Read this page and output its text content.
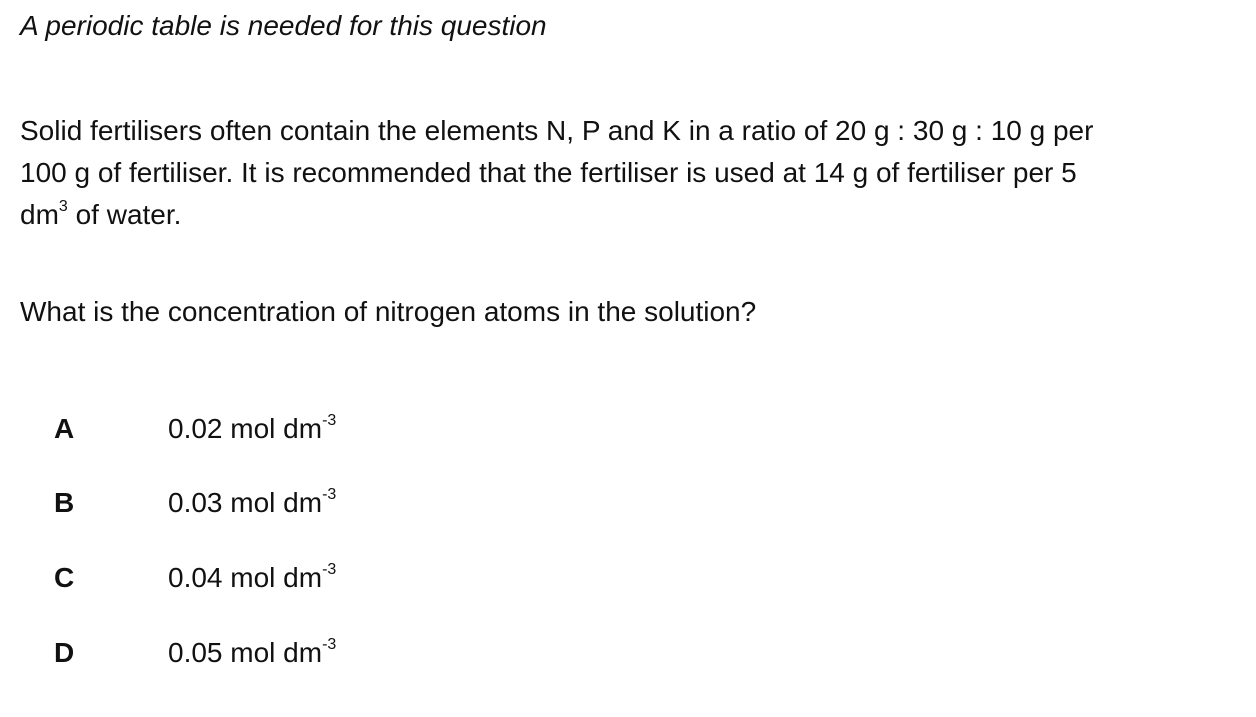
A periodic table is needed for this question
Solid fertilisers often contain the elements N, P and K in a ratio of 20 g : 30 g : 10 g per
100 g of fertiliser. It is recommended that the fertiliser is used at 14 g of fertiliser per 5
$dm^3$ of water.
What is the concentration of nitrogen atoms in the solution?
A	0.02 mol $dm^{-3}$
B	0.03 mol $dm^{-3}$
C	0.04 mol $dm^{-3}$
D	0.05 mol $dm^{-3}$
